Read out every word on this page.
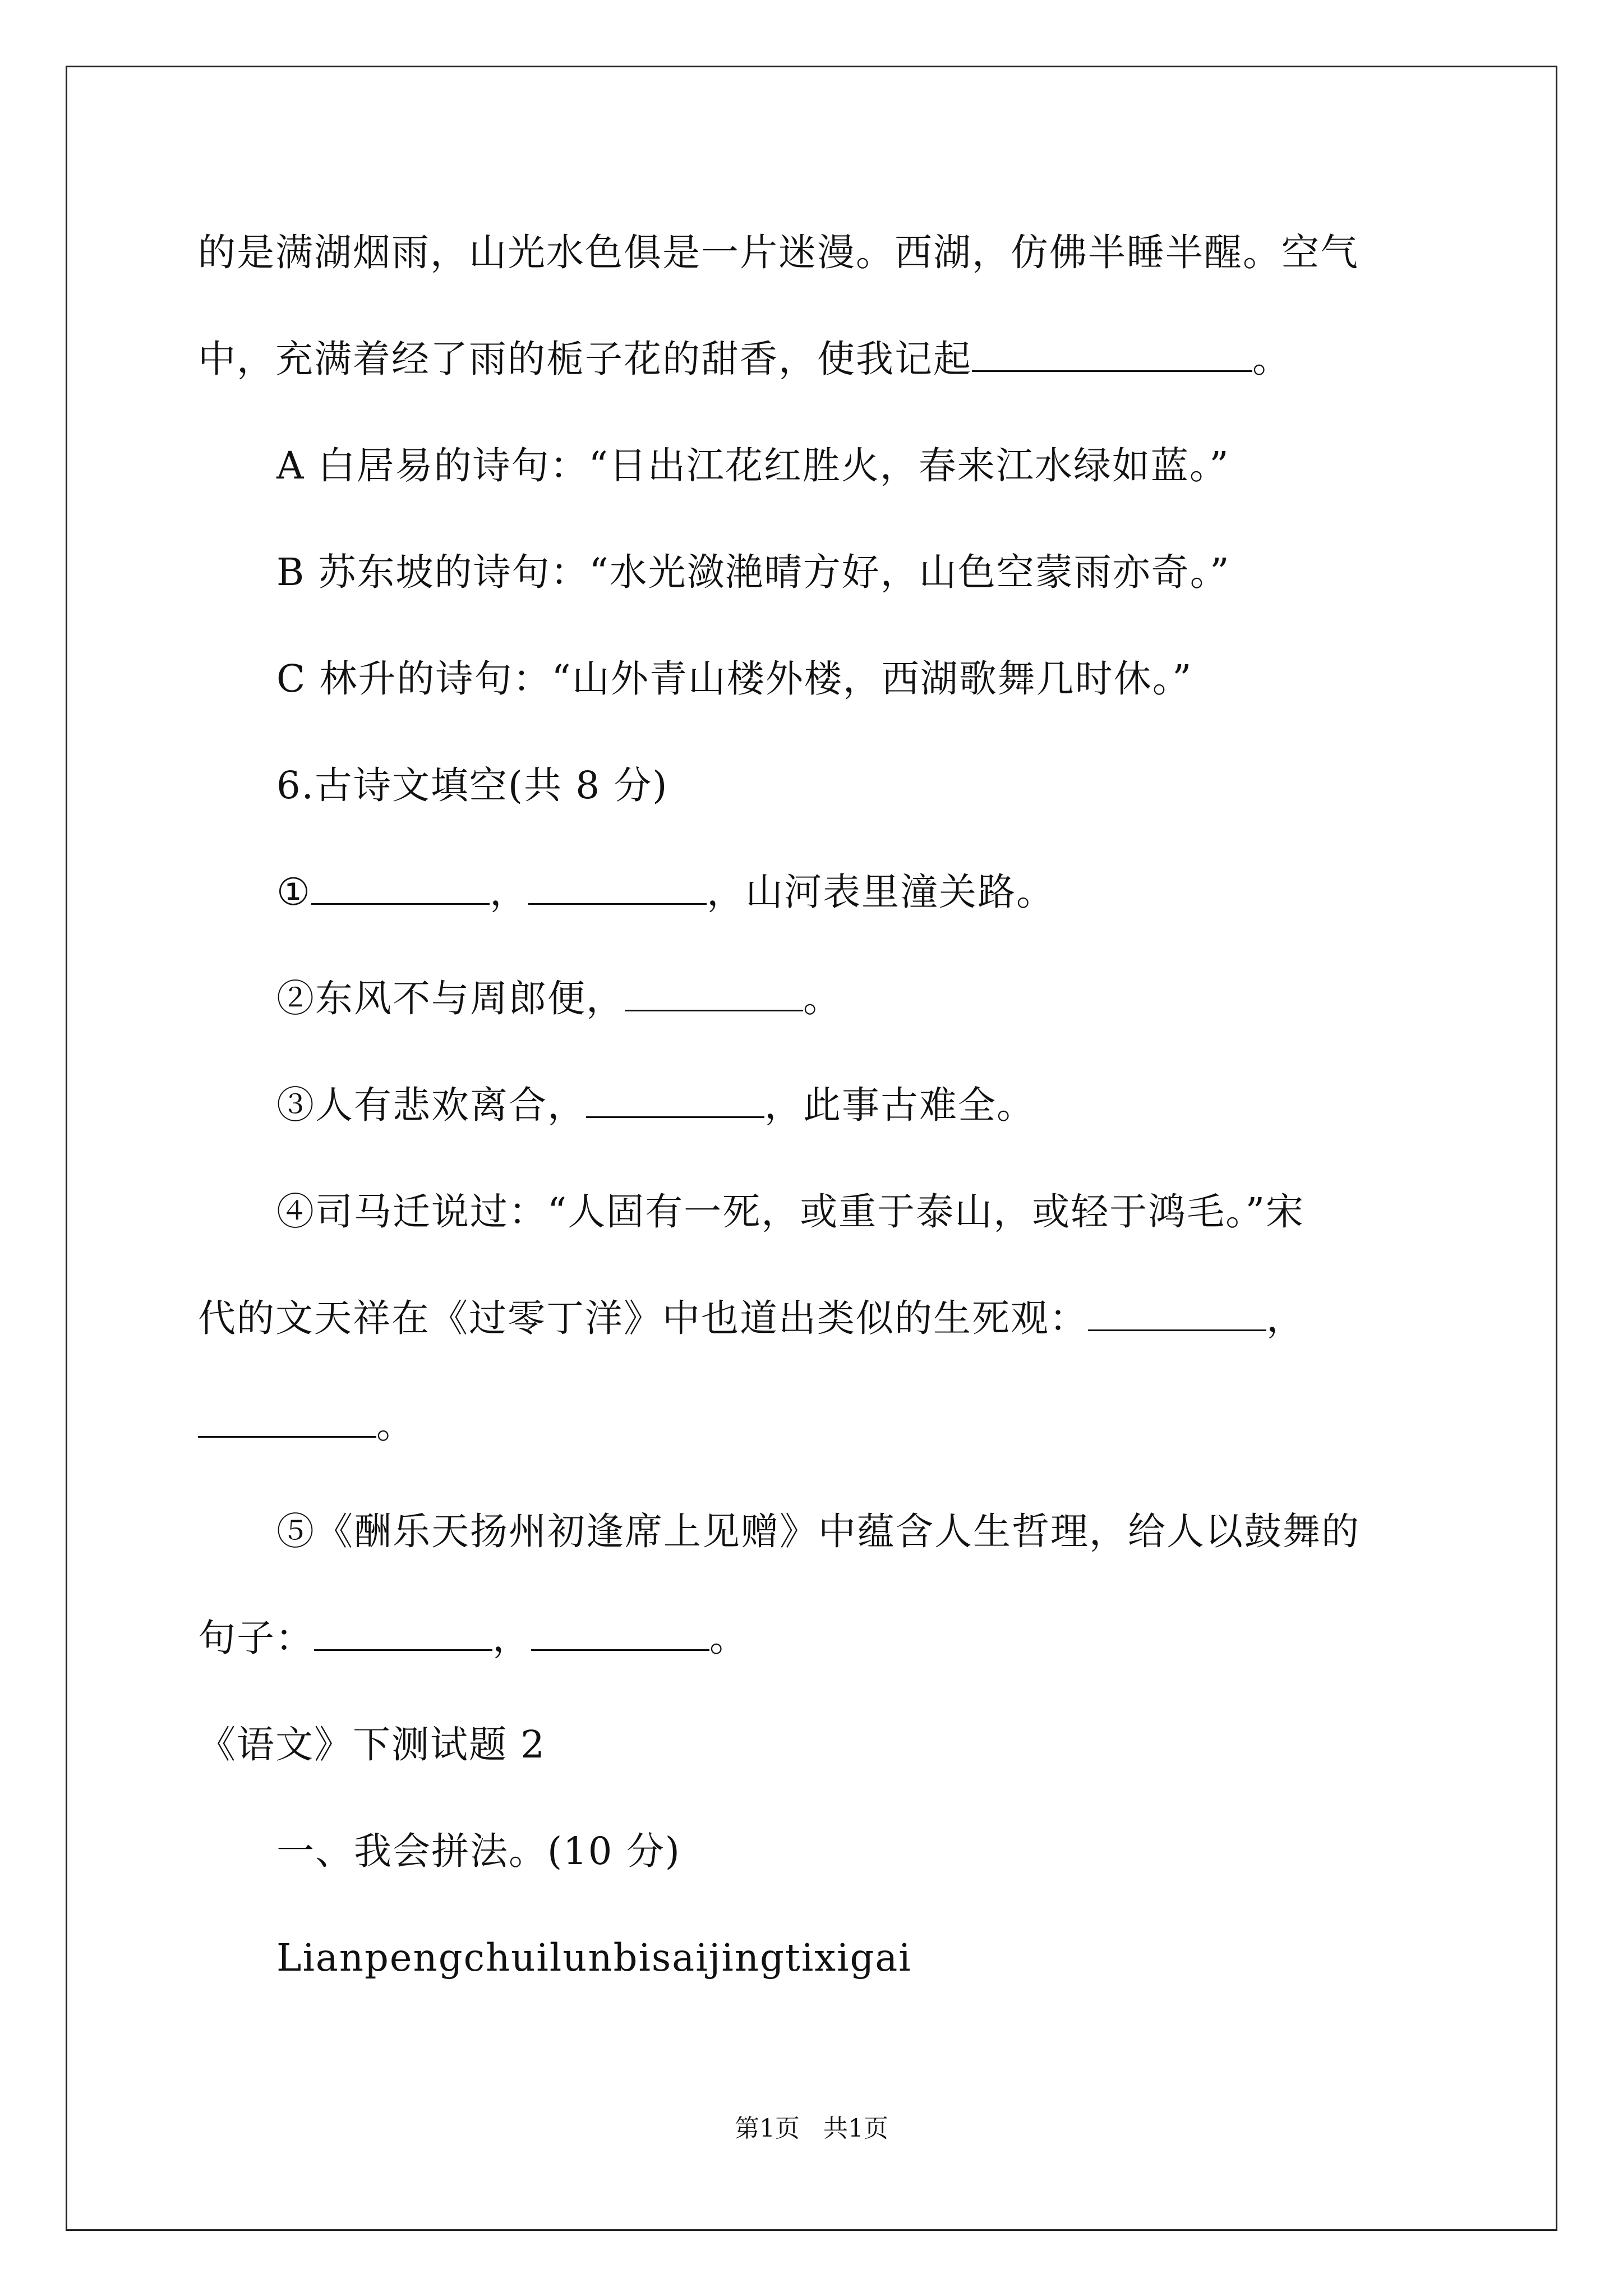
的是满湖烟雨，山光水色俱是一片迷漫。西湖，仿佛半睡半醒。空气
中，充满着经了雨的栀子花的甜香，使我记起	。
A 白居易的诗句：“日出江花红胜火，春来江水绿如蓝。”
B 苏东坡的诗句：“水光潋滟晴方好，山色空蒙雨亦奇。”
C 林升的诗句：“山外青山楼外楼，西湖歌舞几时休。”
6.古诗文填空(共 8 分)
①	，	，山河表里潼关路。
②东风不与周郎便，	。
③人有悲欢离合，	，此事古难全。
④司马迁说过：“人固有一死，或重于泰山，或轻于鸿毛。”宋
代的文天祥在《过零丁洋》中也道出类似的生死观：	，
。
⑤《酬乐天扬州初逢席上见赠》中蕴含人生哲理，给人以鼓舞的
句子：	，	。
《语文》下测试题 2
一、我会拼法。(10 分)
Lianpengchuilunbisaijingtixigai
第1页   共1页
